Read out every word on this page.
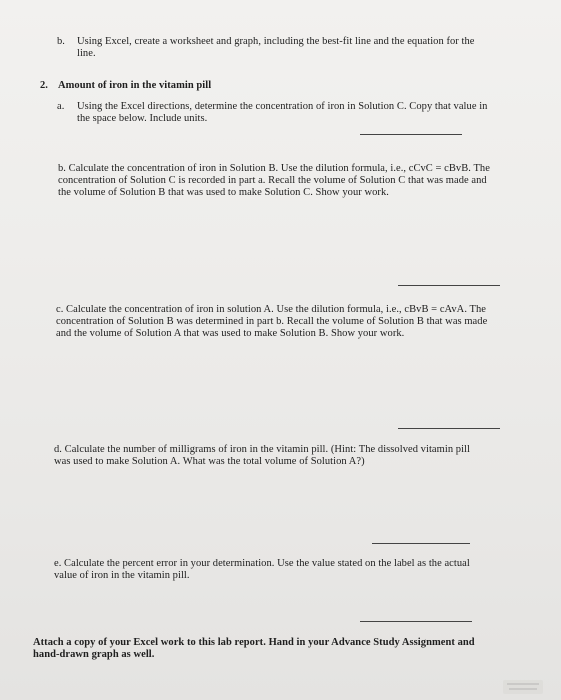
b. Using Excel, create a worksheet and graph, including the best-fit line and the equation for the
line.
2. Amount of iron in the vitamin pill
a. Using the Excel directions, determine the concentration of iron in Solution C. Copy that value in
the space below. Include units.
b. Calculate the concentration of iron in Solution B. Use the dilution formula, i.e., cCvC = cBvB. The
concentration of Solution C is recorded in part a. Recall the volume of Solution C that was made and
the volume of Solution B that was used to make Solution C. Show your work.
c. Calculate the concentration of iron in solution A. Use the dilution formula, i.e., cBvB = cAvA. The
concentration of Solution B was determined in part b. Recall the volume of Solution B that was made
and the volume of Solution A that was used to make Solution B. Show your work.
d. Calculate the number of milligrams of iron in the vitamin pill. (Hint: The dissolved vitamin pill
was used to make Solution A. What was the total volume of Solution A?)
e. Calculate the percent error in your determination. Use the value stated on the label as the actual
value of iron in the vitamin pill.
Attach a copy of your Excel work to this lab report. Hand in your Advance Study Assignment and
hand-drawn graph as well.
